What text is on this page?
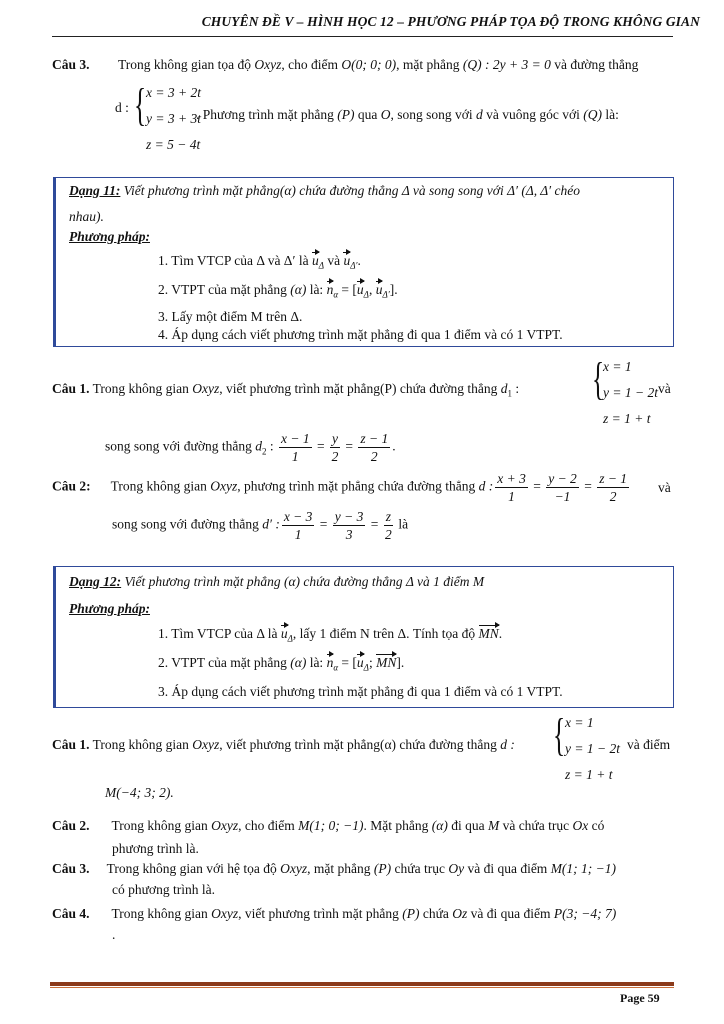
CHUYÊN ĐỀ V – HÌNH HỌC 12 – PHƯƠNG PHÁP TỌA ĐỘ TRONG KHÔNG GIAN
Câu 3. Trong không gian tọa độ Oxyz, cho điểm O(0; 0; 0), mặt phẳng (Q) : 2y + 3 = 0 và đường thẳng
d : { x = 3 + 2t
y = 3 + 3t
z = 5 − 4t
. Phương trình mặt phẳng (P) qua O, song song với d và vuông góc với (Q) là:
Dạng 11: Viết phương trình mặt phẳng(α) chứa đường thẳng Δ và song song với Δ′ (Δ, Δ′ chéo
nhau).
Phương pháp:
1. Tìm VTCP của Δ và Δ′ là $u_\Delta$ và $u_{\Delta'}$.
2. VTPT của mặt phẳng (α) là: $n_\alpha = [u_\Delta$, $u_{\Delta'}$].
3. Lấy một điểm M trên Δ.
4. Áp dụng cách viết phương trình mặt phẳng đi qua 1 điểm và có 1 VTPT.
{
x = 1
y = 1 − 2t
z = 1 + t
Câu 1. Trong không gian Oxyz, viết phương trình mặt phẳng(P) chứa đường thẳng $d_1$ :	và
song song với đường thẳng $d_2$ : $\frac{x - 1}{1} = \frac{y}{2} = \frac{z - 1}{2}$ .
Câu 2: Trong không gian Oxyz, phương trình mặt phẳng chứa đường thẳng d : $\frac{x + 3}{1} = \frac{y - 2}{-1} = \frac{z - 1}{2}$ và
song song với đường thẳng d′ : $\frac{x - 3}{1} = \frac{y - 3}{3} = \frac{z}{2}$ là
Dạng 12: Viết phương trình mặt phẳng (α) chứa đường thẳng Δ và 1 điểm M
Phương pháp:
1. Tìm VTCP của Δ là $u_\Delta$, lấy 1 điểm N trên Δ. Tính tọa độ MN.
2. VTPT của mặt phẳng (α) là: $n_\alpha = [u_\Delta$; MN].
3. Áp dụng cách viết phương trình mặt phẳng đi qua 1 điểm và có 1 VTPT.
{ x = 1
y = 1 − 2t
z = 1 + t
Câu 1. Trong không gian Oxyz, viết phương trình mặt phẳng(α) chứa đường thẳng d :	và điểm
M(−4; 3; 2).
Câu 2. Trong không gian Oxyz, cho điểm M(1; 0; −1). Mặt phẳng (α) đi qua M và chứa trục Ox có
phương trình là.
Câu 3. Trong không gian với hệ tọa độ Oxyz, mặt phẳng (P) chứa trục Oy và đi qua điểm M(1; 1; −1)
có phương trình là.
Câu 4. Trong không gian Oxyz, viết phương trình mặt phẳng (P) chứa Oz và đi qua điểm P(3; −4; 7)
.
Page 59
